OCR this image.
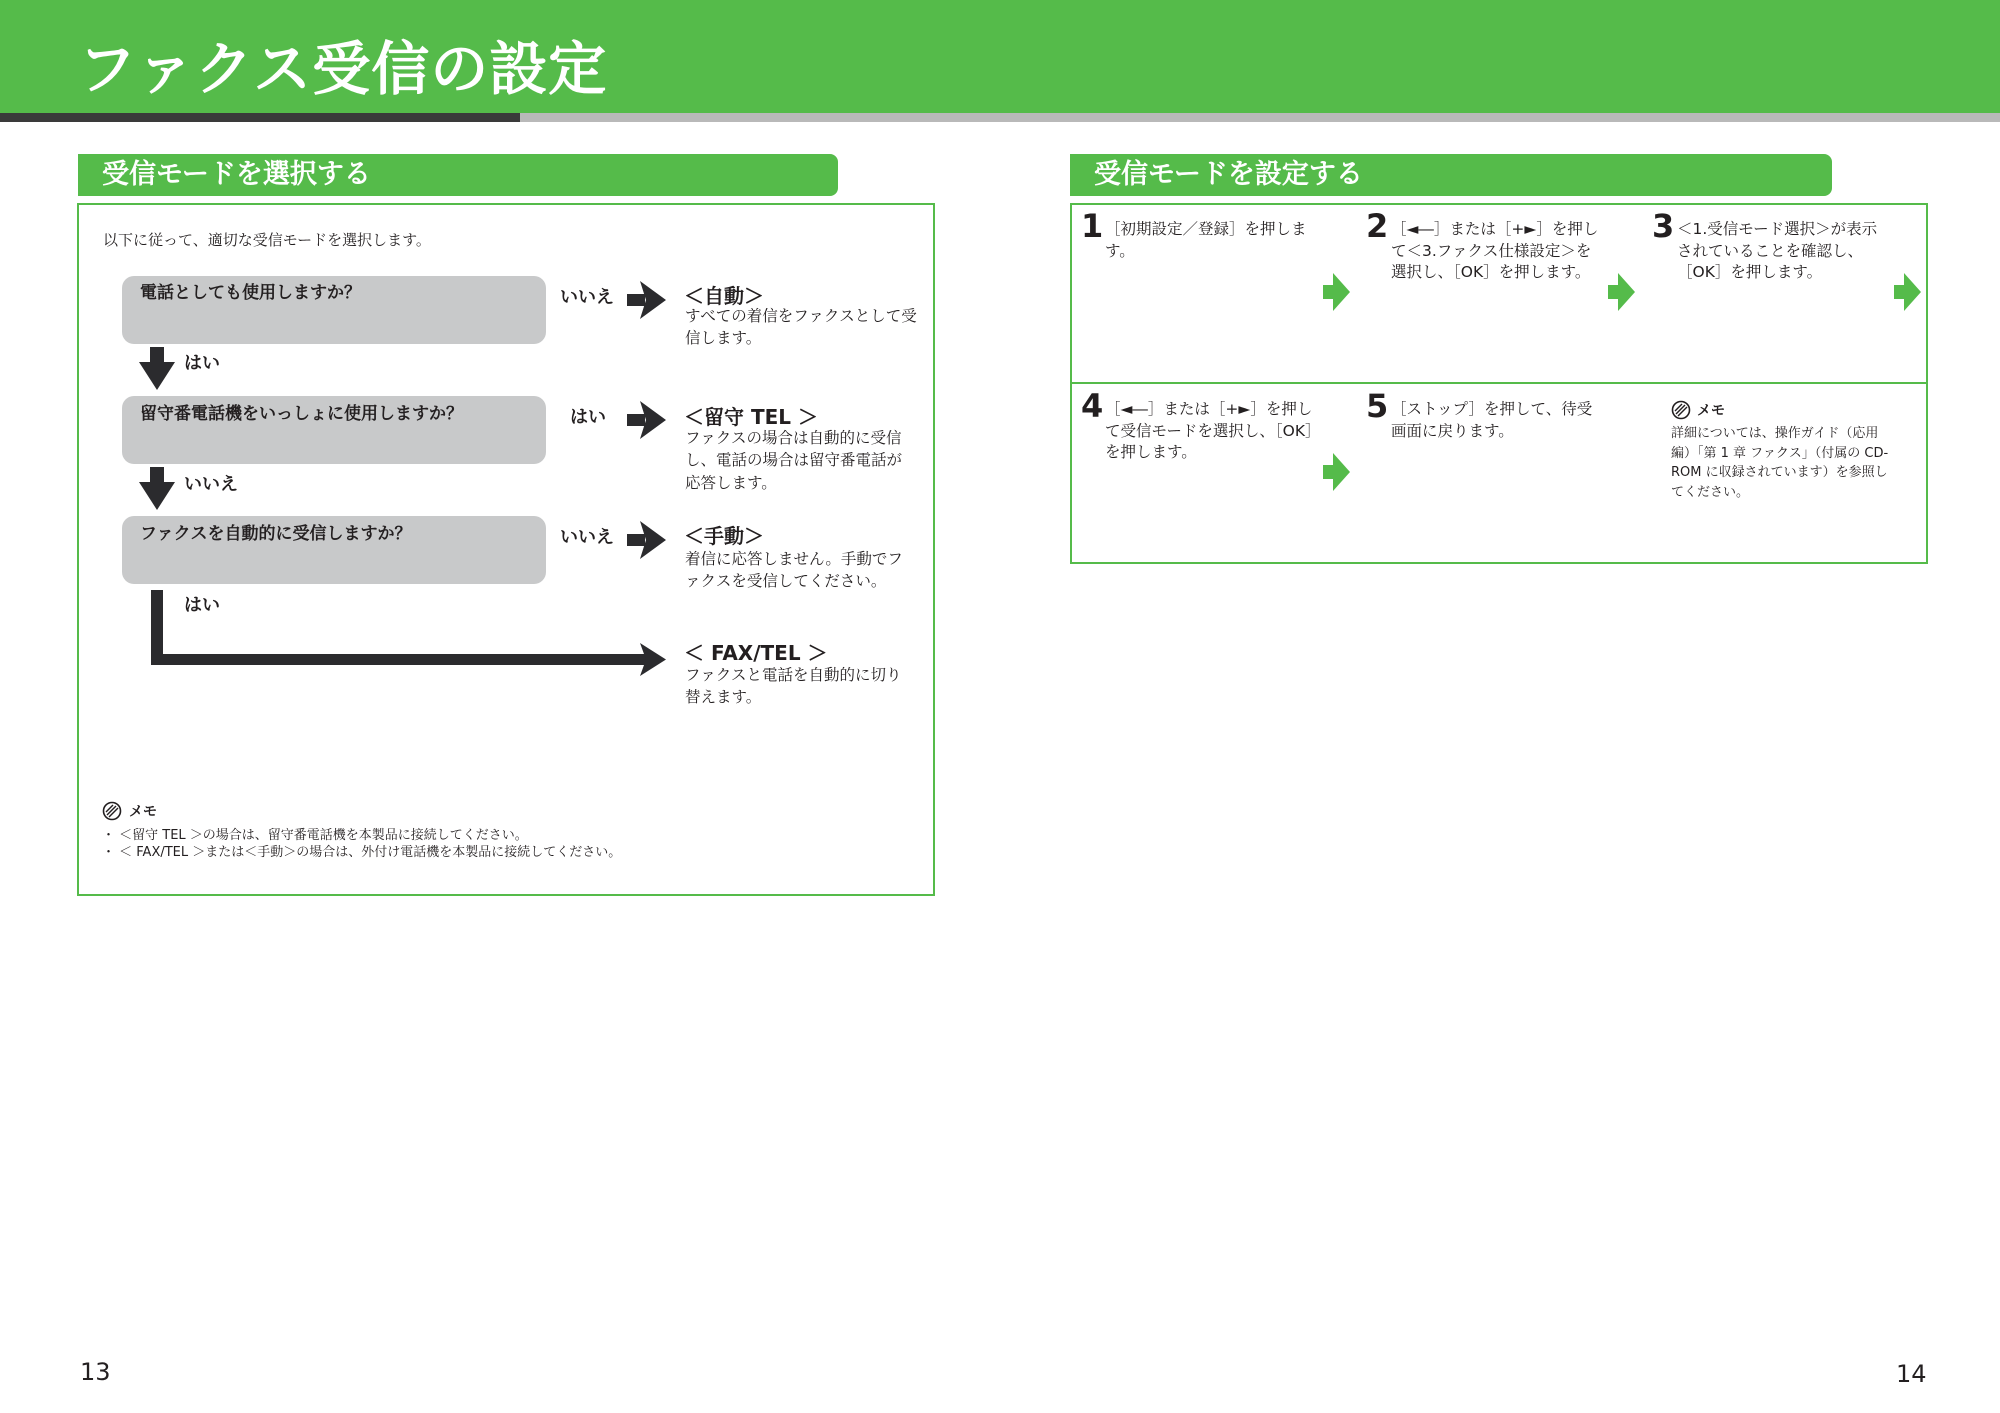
ファクス受信の設定
受信モードを選択する
以下に従って、適切な受信モードを選択します。
電話としても使用しますか？
留守番電話機をいっしょに使用しますか？
ファクスを自動的に受信しますか？
いいえ
はい
はい
いいえ
いいえ
はい
＜自動＞
すべての着信をファクスとして受信します。
＜留守 TEL ＞
ファクスの場合は自動的に受信し、電話の場合は留守番電話が応答します。
＜手動＞
着信に応答しません。手動でファクスを受信してください。
＜ FAX/TEL ＞
ファクスと電話を自動的に切り替えます。
メモ
・ ＜留守 TEL ＞の場合は、留守番電話機を本製品に接続してください。
・ ＜ FAX/TEL ＞または＜手動＞の場合は、外付け電話機を本製品に接続してください。
受信モードを設定する
1 ［初期設定／登録］を押します。
2 ［◄―］または［+►］を押して＜3.ファクス仕様設定＞を選択し、［OK］を押します。
3 ＜1.受信モード選択＞が表示されていることを確認し、［OK］を押します。
4 ［◄―］または［+►］を押して受信モードを選択し、［OK］を押します。
5 ［ストップ］を押して、待受画面に戻ります。
メモ
詳細については、操作ガイド（応用編）「第 1 章 ファクス」（付属の CD-ROM に収録されています）を参照してください。
13	14
